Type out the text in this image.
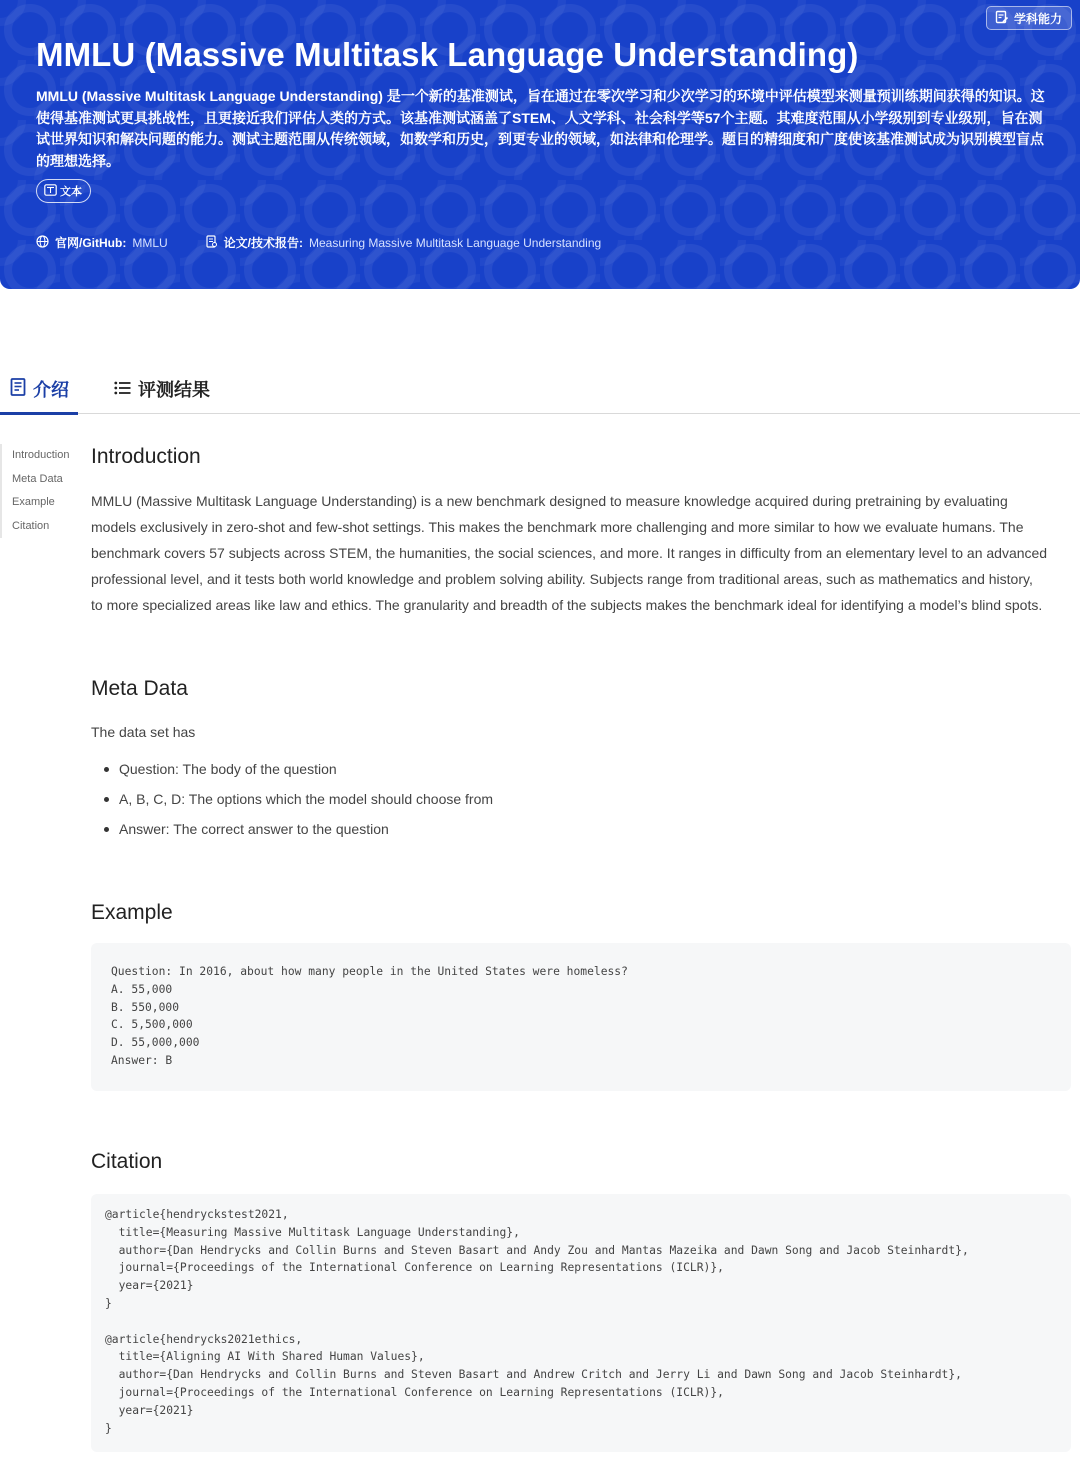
学科能力
MMLU (Massive Multitask Language Understanding)
MMLU (Massive Multitask Language Understanding) 是一个新的基准测试，旨在通过在零次学习和少次学习的环境中评估模型来测量预训练期间获得的知识。这使得基准测试更具挑战性，且更接近我们评估人类的方式。该基准测试涵盖了STEM、人文学科、社会科学等57个主题。其难度范围从小学级别到专业级别，旨在测试世界知识和解决问题的能力。测试主题范围从传统领域，如数学和历史，到更专业的领域，如法律和伦理学。题目的精细度和广度使该基准测试成为识别模型盲点的理想选择。
文本
官网/GitHub: MMLU	论文/技术报告: Measuring Massive Multitask Language Understanding
介绍	评测结果
Introduction
Meta Data
Example
Citation
Introduction
MMLU (Massive Multitask Language Understanding) is a new benchmark designed to measure knowledge acquired during pretraining by evaluating
models exclusively in zero-shot and few-shot settings. This makes the benchmark more challenging and more similar to how we evaluate humans. The
benchmark covers 57 subjects across STEM, the humanities, the social sciences, and more. It ranges in difficulty from an elementary level to an advanced
professional level, and it tests both world knowledge and problem solving ability. Subjects range from traditional areas, such as mathematics and history,
to more specialized areas like law and ethics. The granularity and breadth of the subjects makes the benchmark ideal for identifying a model’s blind spots.
Meta Data
The data set has
Question: The body of the question
A, B, C, D: The options which the model should choose from
Answer: The correct answer to the question
Example
Question: In 2016, about how many people in the United States were homeless?
A. 55,000
B. 550,000
C. 5,500,000
D. 55,000,000
Answer: B
Citation
@article{hendryckstest2021,
title={Measuring Massive Multitask Language Understanding},
author={Dan Hendrycks and Collin Burns and Steven Basart and Andy Zou and Mantas Mazeika and Dawn Song and Jacob Steinhardt},
journal={Proceedings of the International Conference on Learning Representations (ICLR)},
year={2021}
}

@article{hendrycks2021ethics,
title={Aligning AI With Shared Human Values},
author={Dan Hendrycks and Collin Burns and Steven Basart and Andrew Critch and Jerry Li and Dawn Song and Jacob Steinhardt},
journal={Proceedings of the International Conference on Learning Representations (ICLR)},
year={2021}
}
